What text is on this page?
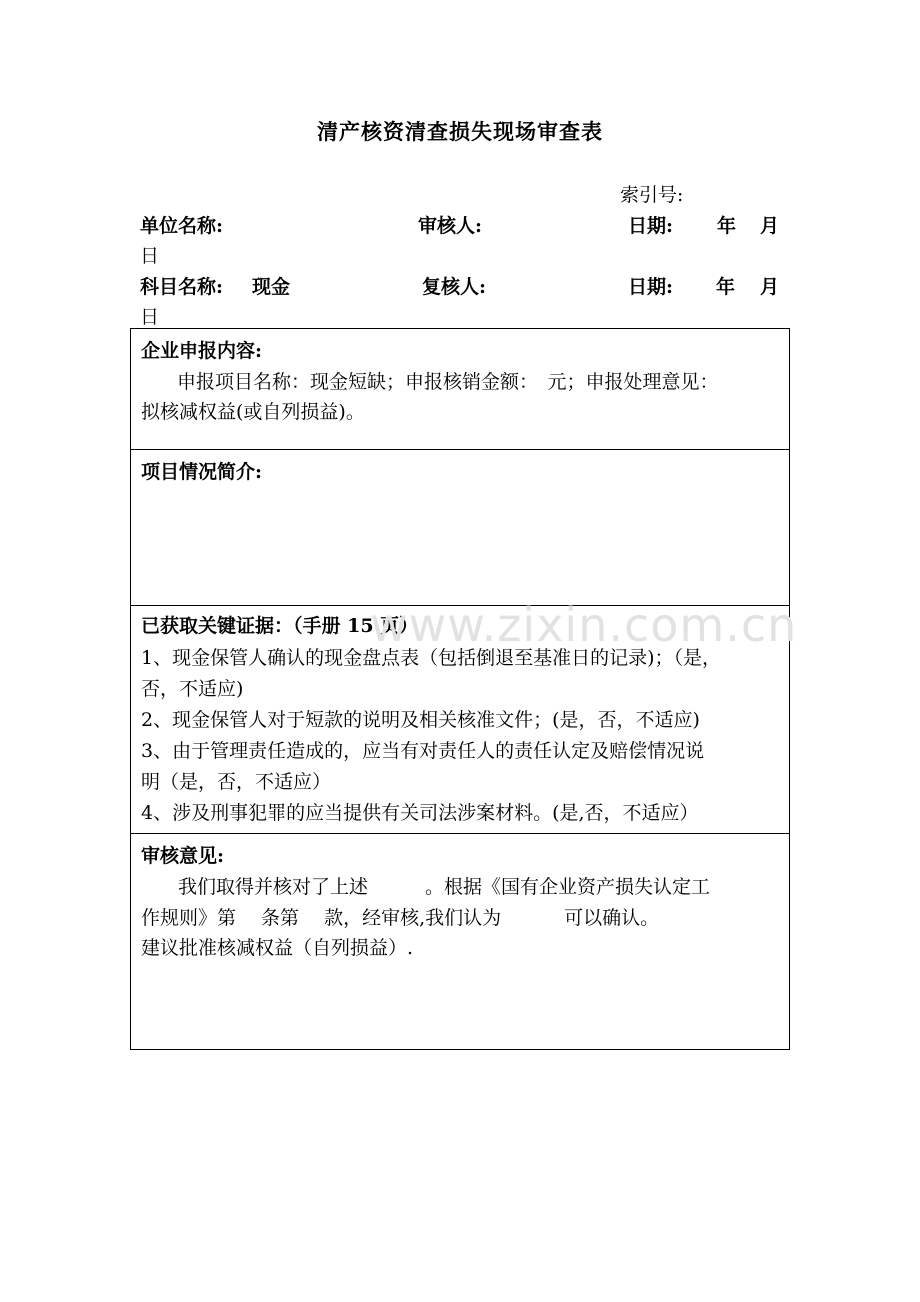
清产核资清查损失现场审查表
索引号:
单位名称:	审核人:	日期: 年 月
日
科目名称: 现金	复核人:	日期: 年 月
日
企业申报内容:
申报项目名称：现金短缺；申报核销金额：　元；申报处理意见：
拟核减权益(或自列损益)。
项目情况简介:
已获取关键证据：（手册 15 页）
1、现金保管人确认的现金盘点表（包括倒退至基准日的记录)；（是，
否，不适应)
2、现金保管人对于短款的说明及相关核准文件；(是，否，不适应)
3、由于管理责任造成的，应当有对责任人的责任认定及赔偿情况说
明（是，否，不适应）
4、涉及刑事犯罪的应当提供有关司法涉案材料。(是,否，不适应）
审核意见:
我们取得并核对了上述　　　。根据《国有企业资产损失认定工
作规则》第　 条第　 款，经审核,我们认为　　　 可以确认。
建议批准核减权益（自列损益）.
www.zixin.com.cn
